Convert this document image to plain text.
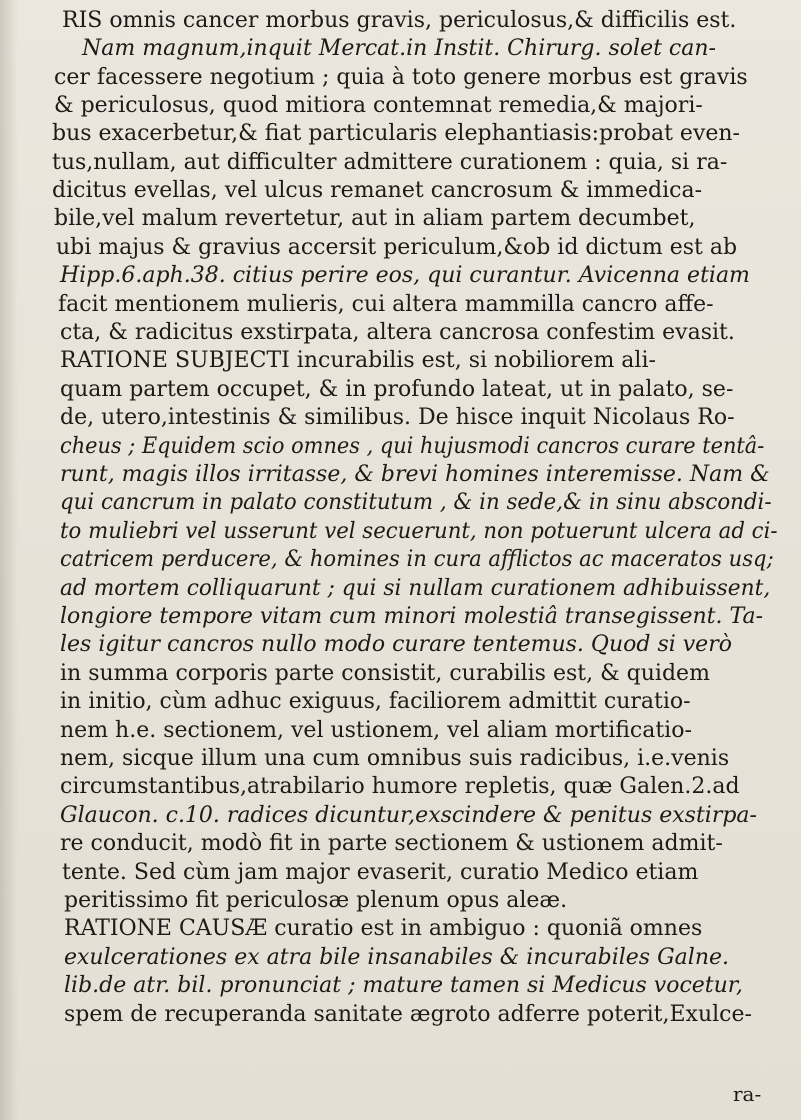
RIS omnis cancer morbus gravis, periculosus,& difficilis est.
Nam magnum,inquit Mercat.in Instit. Chirurg. solet can-
cer facessere negotium ; quia à toto genere morbus est gravis
& periculosus, quod mitiora contemnat remedia,& majori-
bus exacerbetur,& fiat particularis elephantiasis:probat even-
tus,nullam, aut difficulter admittere curationem : quia, si ra-
dicitus evellas, vel ulcus remanet cancrosum & immedica-
bile,vel malum revertetur, aut in aliam partem decumbet,
ubi majus & gravius accersit periculum,&ob id dictum est ab
Hipp.6.aph.38. citius perire eos, qui curantur. Avicenna etiam
facit mentionem mulieris, cui altera mammilla cancro affe-
cta, & radicitus exstirpata, altera cancrosa confestim evasit.
RATIONE SUBJECTI incurabilis est, si nobiliorem ali-
quam partem occupet, & in profundo lateat, ut in palato, se-
de, utero,intestinis & similibus. De hisce inquit Nicolaus Ro-
cheus ; Equidem scio omnes , qui hujusmodi cancros curare tentâ-
runt, magis illos irritasse, & brevi homines interemisse. Nam &
qui cancrum in palato constitutum , & in sede,& in sinu abscondi-
to muliebri vel usserunt vel secuerunt, non potuerunt ulcera ad ci-
catricem perducere, & homines in cura afflictos ac maceratos usq;
ad mortem colliquarunt ; qui si nullam curationem adhibuissent,
longiore tempore vitam cum minori molestiâ transegissent. Ta-
les igitur cancros nullo modo curare tentemus. Quod si verò
in summa corporis parte consistit, curabilis est, & quidem
in initio, cùm adhuc exiguus, faciliorem admittit curatio-
nem h.e. sectionem, vel ustionem, vel aliam mortificatio-
nem, sicque illum una cum omnibus suis radicibus, i.e.venis
circumstantibus,atrabilario humore repletis, quæ Galen.2.ad
Glaucon. c.10. radices dicuntur,exscindere & penitus exstirpa-
re conducit, modò fit in parte sectionem & ustionem admit-
tente. Sed cùm jam major evaserit, curatio Medico etiam
peritissimo fit periculosæ plenum opus aleæ.
RATIONE CAUSÆ curatio est in ambiguo : quoniã omnes
exulcerationes ex atra bile insanabiles & incurabiles Galne.
lib.de atr. bil. pronunciat ; mature tamen si Medicus vocetur,
spem de recuperanda sanitate ægroto adferre poterit,Exulce-
ra-
